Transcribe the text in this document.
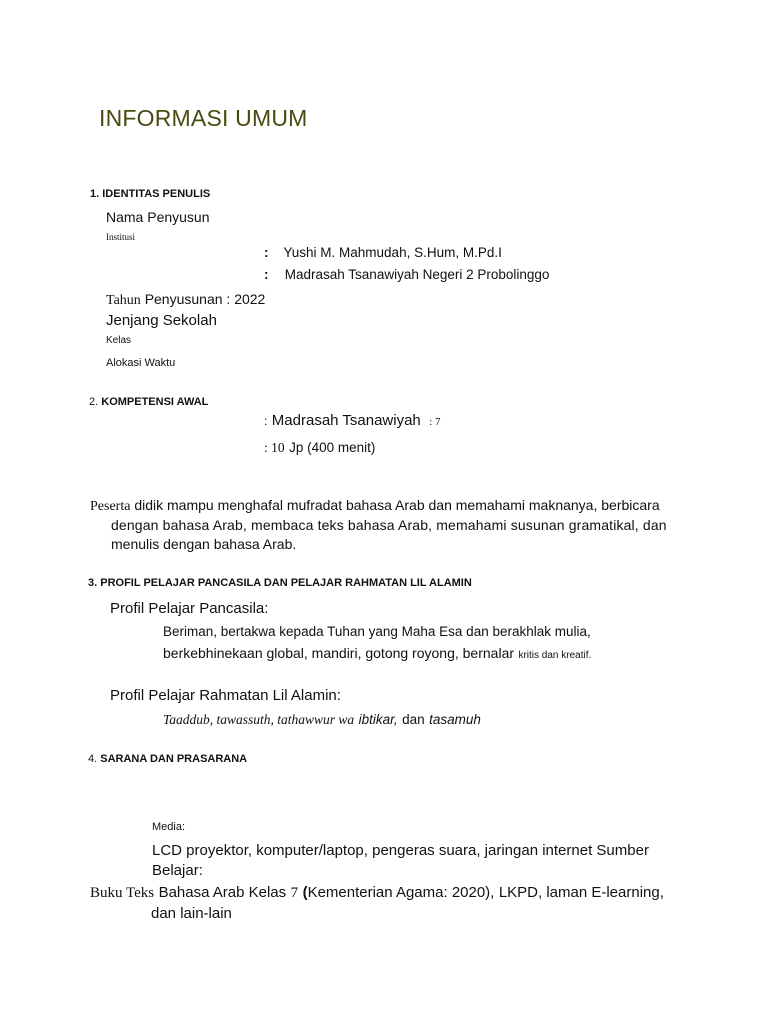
INFORMASI UMUM
1. IDENTITAS PENULIS
Nama Penyusun
Institusi
: Yushi M. Mahmudah, S.Hum, M.Pd.I
: Madrasah Tsanawiyah Negeri 2 Probolinggo
Tahun Penyusunan : 2022
Jenjang Sekolah
Kelas
Alokasi Waktu
2. KOMPETENSI AWAL
: Madrasah Tsanawiyah : 7
: 10 Jp (400 menit)
Peserta didik mampu menghafal mufradat bahasa Arab dan memahami maknanya, berbicara
dengan bahasa Arab, membaca teks bahasa Arab, memahami susunan gramatikal, dan
menulis dengan bahasa Arab.
3. PROFIL PELAJAR PANCASILA DAN PELAJAR RAHMATAN LIL ALAMIN
Profil Pelajar Pancasila:
Beriman, bertakwa kepada Tuhan yang Maha Esa dan berakhlak mulia,
berkebhinekaan global, mandiri, gotong royong, bernalar kritis dan kreatif.
Profil Pelajar Rahmatan Lil Alamin:
Taaddub, tawassuth, tathawwur wa ibtikar, dan tasamuh
4. SARANA DAN PRASARANA
Media:
LCD proyektor, komputer/laptop, pengeras suara, jaringan internet Sumber
Belajar:
Buku Teks Bahasa Arab Kelas 7 (Kementerian Agama: 2020), LKPD, laman E-learning,
dan lain-lain
